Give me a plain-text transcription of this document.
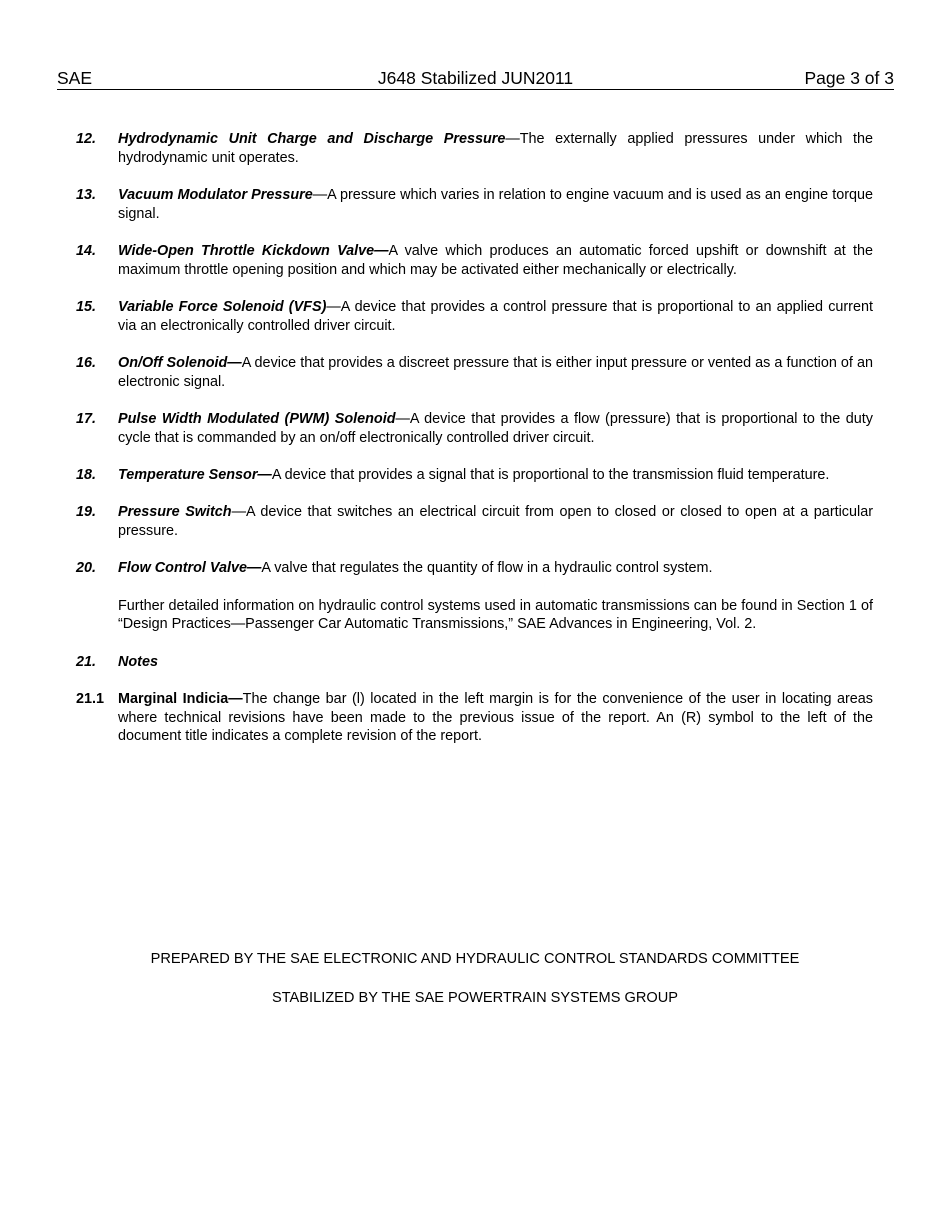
SAE	J648 Stabilized JUN2011	Page 3 of 3
12. Hydrodynamic Unit Charge and Discharge Pressure—The externally applied pressures under which the hydrodynamic unit operates.
13. Vacuum Modulator Pressure—A pressure which varies in relation to engine vacuum and is used as an engine torque signal.
14. Wide-Open Throttle Kickdown Valve—A valve which produces an automatic forced upshift or downshift at the maximum throttle opening position and which may be activated either mechanically or electrically.
15. Variable Force Solenoid (VFS)—A device that provides a control pressure that is proportional to an applied current via an electronically controlled driver circuit.
16. On/Off Solenoid—A device that provides a discreet pressure that is either input pressure or vented as a function of an electronic signal.
17. Pulse Width Modulated (PWM) Solenoid—A device that provides a flow (pressure) that is proportional to the duty cycle that is commanded by an on/off electronically controlled driver circuit.
18. Temperature Sensor—A device that provides a signal that is proportional to the transmission fluid temperature.
19. Pressure Switch—A device that switches an electrical circuit from open to closed or closed to open at a particular pressure.
20. Flow Control Valve—A valve that regulates the quantity of flow in a hydraulic control system.
Further detailed information on hydraulic control systems used in automatic transmissions can be found in Section 1 of “Design Practices—Passenger Car Automatic Transmissions,” SAE Advances in Engineering, Vol. 2.
21. Notes
21.1 Marginal Indicia—The change bar (l) located in the left margin is for the convenience of the user in locating areas where technical revisions have been made to the previous issue of the report. An (R) symbol to the left of the document title indicates a complete revision of the report.
PREPARED BY THE SAE ELECTRONIC AND HYDRAULIC CONTROL STANDARDS COMMITTEE
STABILIZED BY THE SAE POWERTRAIN SYSTEMS GROUP
